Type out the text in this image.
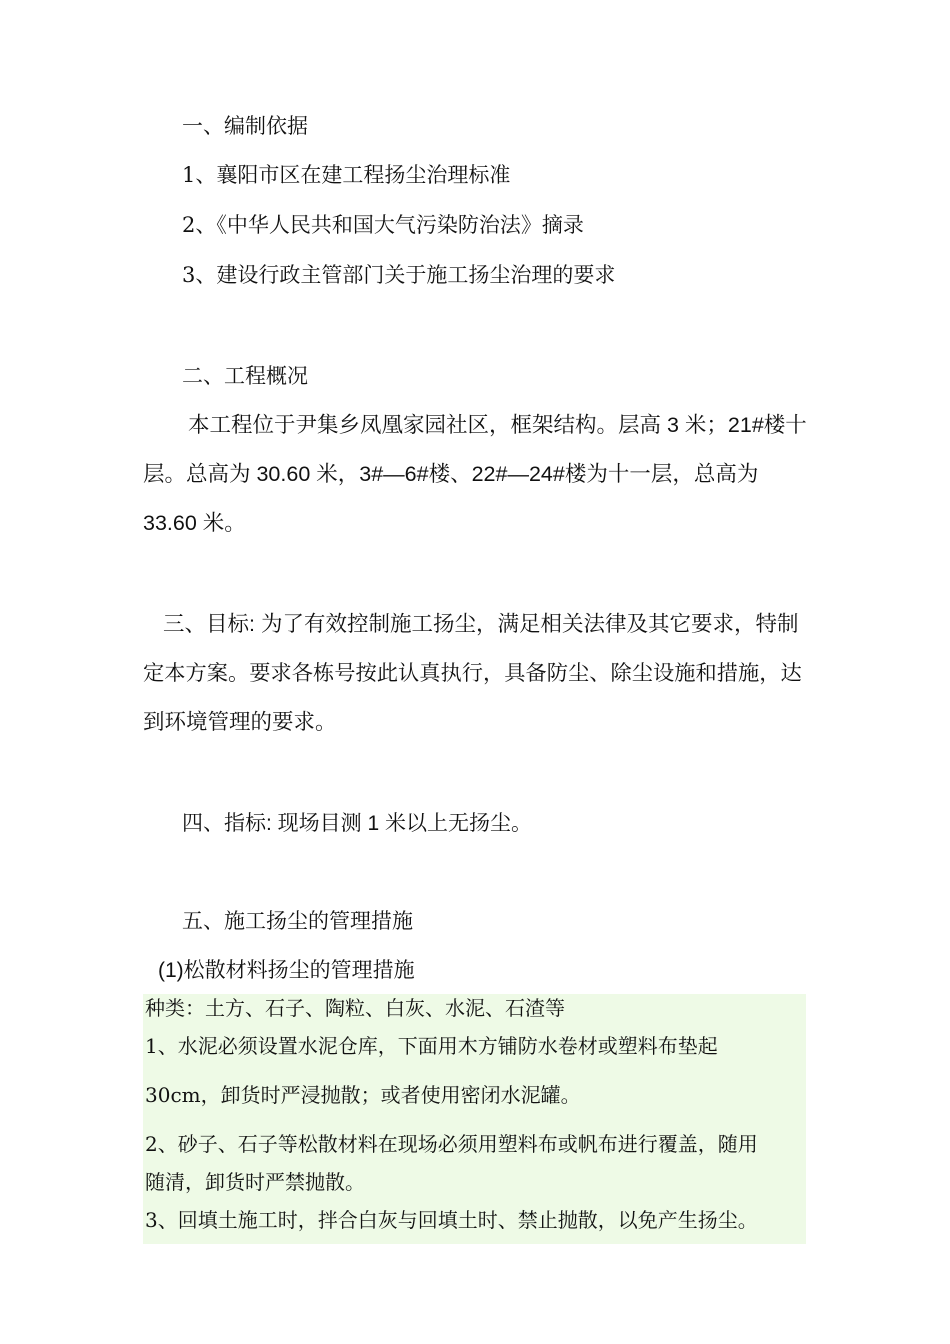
一、编制依据
1、襄阳市区在建工程扬尘治理标准
2、《中华人民共和国大气污染防治法》摘录
3、建设行政主管部门关于施工扬尘治理的要求
二、工程概况
本工程位于尹集乡凤凰家园社区，框架结构。层高 3 米；21#楼十
层。总高为 30.60 米，3#—6#楼、22#—24#楼为十一层，总高为
33.60 米。
三、目标: 为了有效控制施工扬尘，满足相关法律及其它要求，特制
定本方案。要求各栋号按此认真执行，具备防尘、除尘设施和措施，达
到环境管理的要求。
四、指标: 现场目测 1 米以上无扬尘。
五、施工扬尘的管理措施
(1)松散材料扬尘的管理措施
种类：土方、石子、陶粒、白灰、水泥、石渣等
1、水泥必须设置水泥仓库，下面用木方铺防水卷材或塑料布垫起
30cm，卸货时严浸抛散；或者使用密闭水泥罐。
2、砂子、石子等松散材料在现场必须用塑料布或帆布进行覆盖，随用
随清，卸货时严禁抛散。
3、回填土施工时，拌合白灰与回填土时、禁止抛散，以免产生扬尘。
